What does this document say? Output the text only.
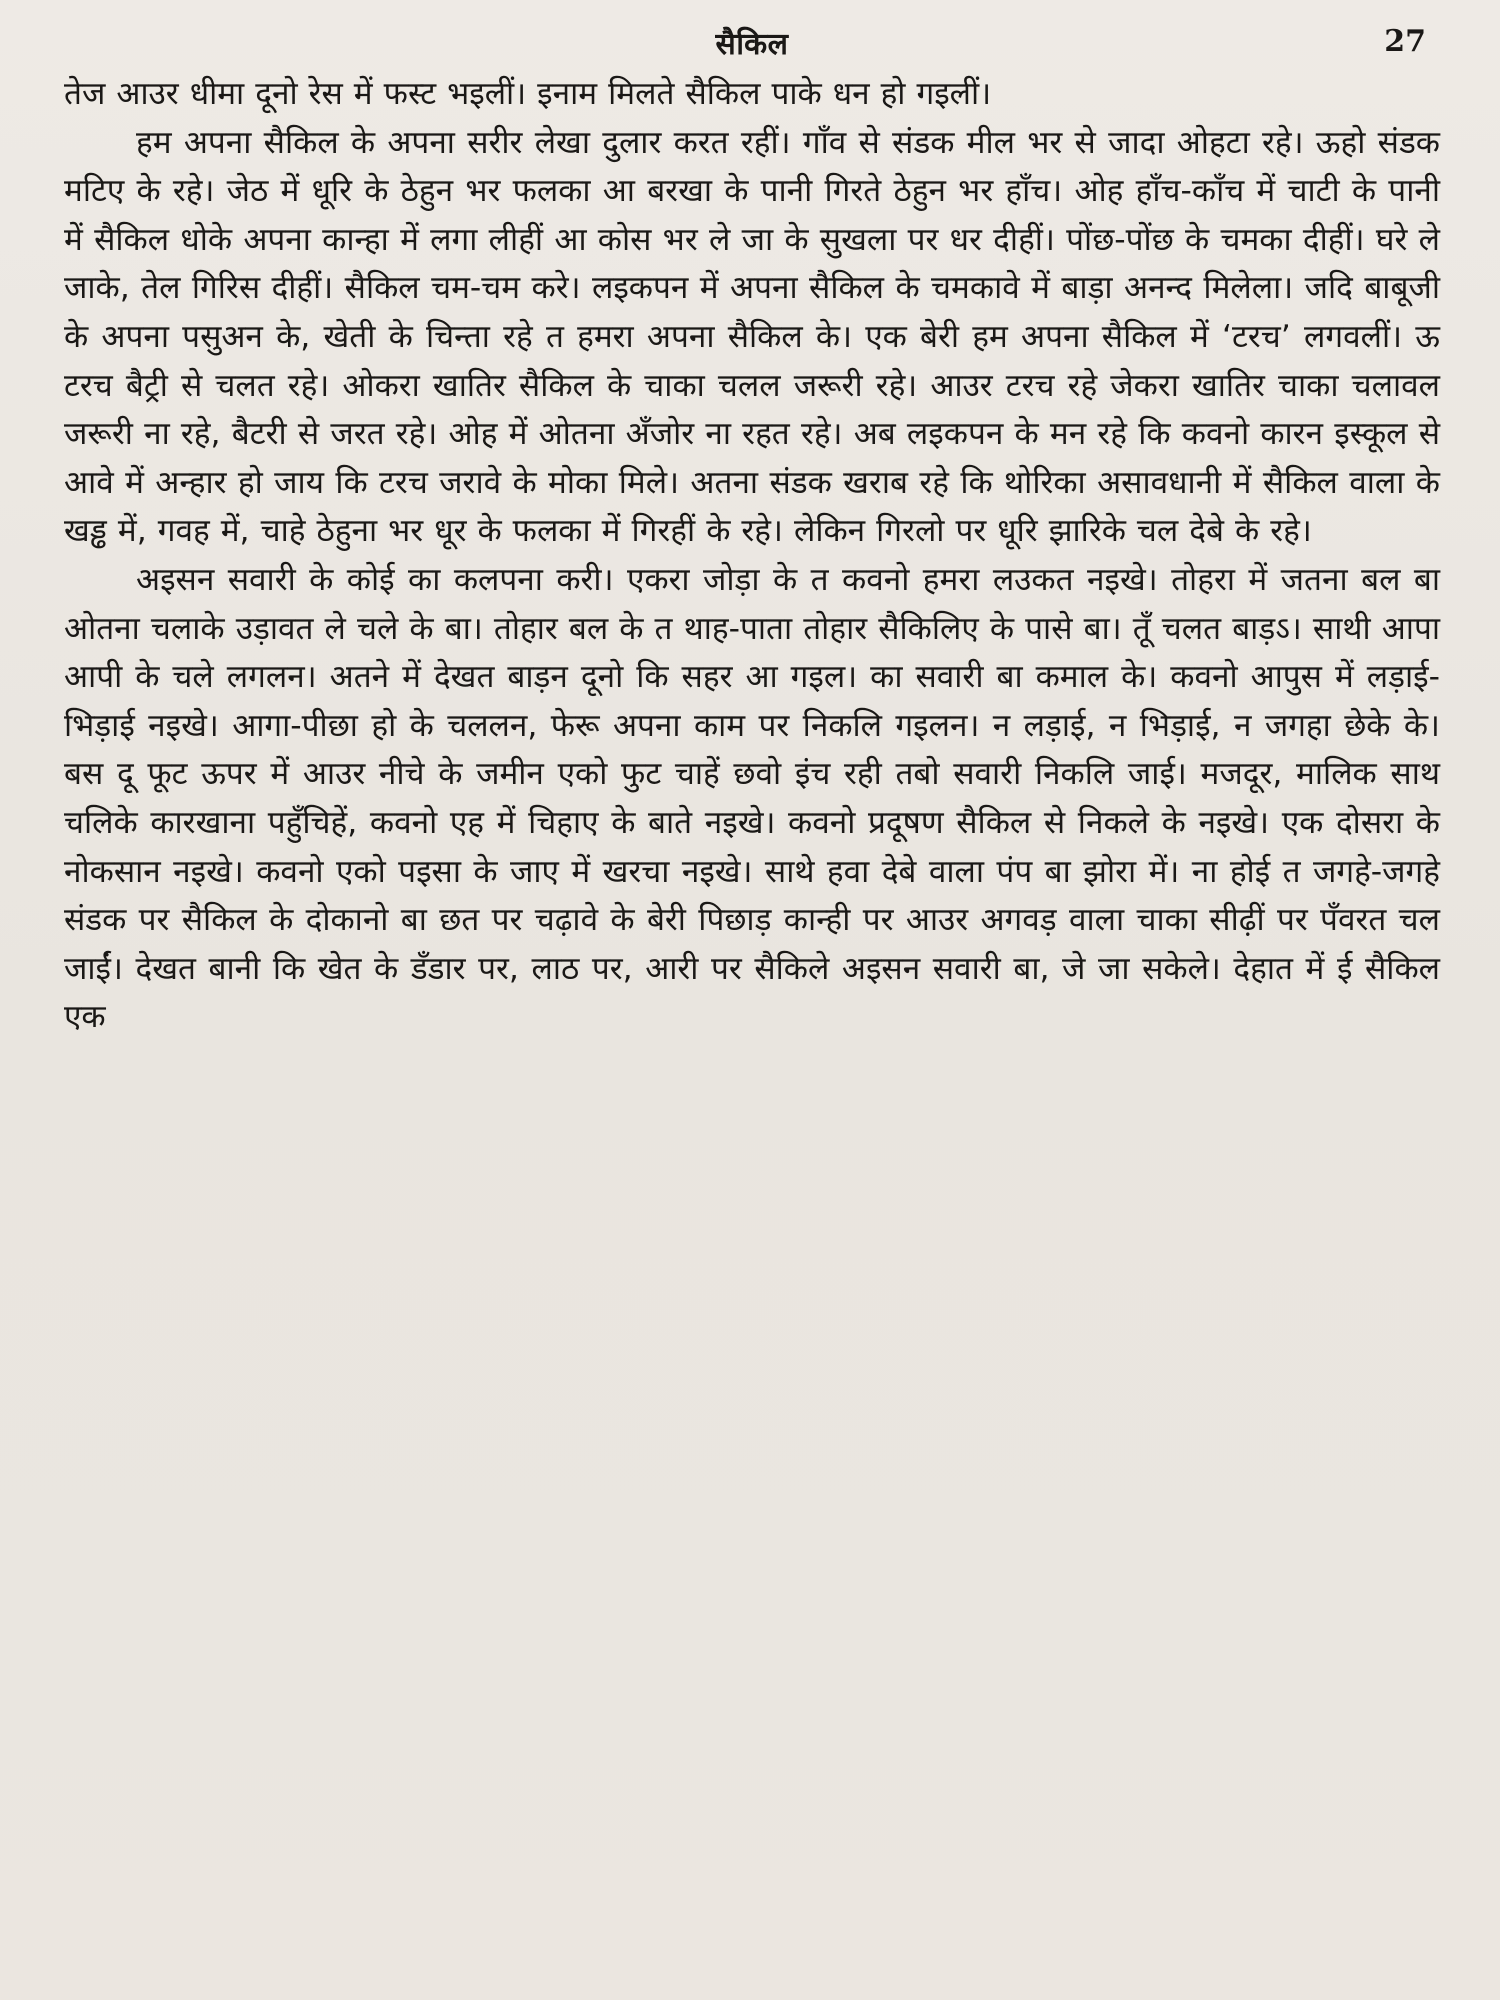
सैकिल	27

तेज आउर धीमा दूनो रेस में फस्ट भइलीं। इनाम मिलते सैकिल पाके धन हो गइलीं।

हम अपना सैकिल के अपना सरीर लेखा दुलार करत रहीं। गाँव से संडक मील भर से जादा ओहटा रहे। ऊहो संडक मटिए के रहे। जेठ में धूरि के ठेहुन भर फलका आ बरखा के पानी गिरते ठेहुन भर हाँच। ओह हाँच-काँच में चाटी के पानी में सैकिल धोके अपना कान्हा में लगा लीहीं आ कोस भर ले जा के सुखला पर धर दीहीं। पोंछ-पोंछ के चमका दीहीं। घरे ले जाके, तेल गिरिस दीहीं। सैकिल चम-चम करे। लइकपन में अपना सैकिल के चमकावे में बाड़ा अनन्द मिलेला। जदि बाबूजी के अपना पसुअन के, खेती के चिन्ता रहे त हमरा अपना सैकिल के। एक बेरी हम अपना सैकिल में ‘टरच’ लगवलीं। ऊ टरच बैट्री से चलत रहे। ओकरा खातिर सैकिल के चाका चलल जरूरी रहे। आउर टरच रहे जेकरा खातिर चाका चलावल जरूरी ना रहे, बैटरी से जरत रहे। ओह में ओतना अँजोर ना रहत रहे। अब लइकपन के मन रहे कि कवनो कारन इस्कूल से आवे में अन्हार हो जाय कि टरच जरावे के मोका मिले। अतना संडक खराब रहे कि थोरिका असावधानी में सैकिल वाला के खड्ढ में, गवह में, चाहे ठेहुना भर धूर के फलका में गिरहीं के रहे। लेकिन गिरलो पर धूरि झारिके चल देबे के रहे।

अइसन सवारी के कोई का कलपना करी। एकरा जोड़ा के त कवनो हमरा लउकत नइखे। तोहरा में जतना बल बा ओतना चलाके उड़ावत ले चले के बा। तोहार बल के त थाह-पाता तोहार सैकिलिए के पासे बा। तूँ चलत बाड़ऽ। साथी आपा आपी के चले लगलन। अतने में देखत बाड़न दूनो कि सहर आ गइल। का सवारी बा कमाल के। कवनो आपुस में लड़ाई-भिड़ाई नइखे। आगा-पीछा हो के चललन, फेरू अपना काम पर निकलि गइलन। न लड़ाई, न भिड़ाई, न जगहा छेके के। बस दू फूट ऊपर में आउर नीचे के जमीन एको फुट चाहें छवो इंच रही तबो सवारी निकलि जाई। मजदूर, मालिक साथ चलिके कारखाना पहुँचिहें, कवनो एह में चिहाए के बाते नइखे। कवनो प्रदूषण सैकिल से निकले के नइखे। एक दोसरा के नोकसान नइखे। कवनो एको पइसा के जाए में खरचा नइखे। साथे हवा देबे वाला पंप बा झोरा में। ना होई त जगहे-जगहे संडक पर सैकिल के दोकानो बा छत पर चढ़ावे के बेरी पिछाड़ कान्ही पर आउर अगवड़ वाला चाका सीढ़ीं पर पँवरत चल जाईं। देखत बानी कि खेत के डँडार पर, लाठ पर, आरी पर सैकिले अइसन सवारी बा, जे जा सकेले। देहात में ई सैकिल एक
